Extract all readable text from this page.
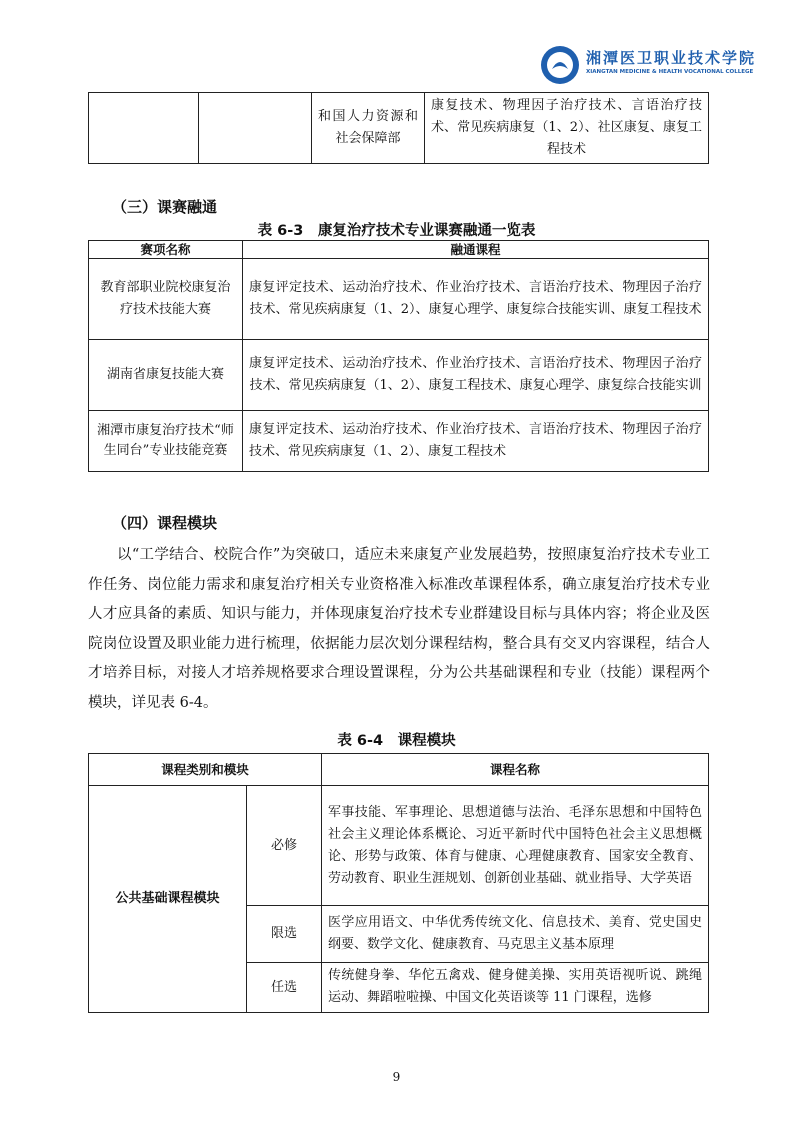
湘潭医卫职业技术学院
XIANGTAN MEDICINE & HEALTH VOCATIONAL COLLEGE
		和国人力资源和社会保障部	康复技术、物理因子治疗技术、言语治疗技术、常见疾病康复（1、2）、社区康复、康复工程技术
（三）课赛融通
表 6-3　康复治疗技术专业课赛融通一览表
赛项名称	融通课程
教育部职业院校康复治疗技术技能大赛	康复评定技术、运动治疗技术、作业治疗技术、言语治疗技术、物理因子治疗技术、常见疾病康复（1、2）、康复心理学、康复综合技能实训、康复工程技术
湖南省康复技能大赛	康复评定技术、运动治疗技术、作业治疗技术、言语治疗技术、物理因子治疗技术、常见疾病康复（1、2）、康复工程技术、康复心理学、康复综合技能实训
湘潭市康复治疗技术“师生同台”专业技能竞赛	康复评定技术、运动治疗技术、作业治疗技术、言语治疗技术、物理因子治疗技术、常见疾病康复（1、2）、康复工程技术
（四）课程模块
以“工学结合、校院合作”为突破口，适应未来康复产业发展趋势，按照康复治疗技术专业工作任务、岗位能力需求和康复治疗相关专业资格准入标准改革课程体系，确立康复治疗技术专业人才应具备的素质、知识与能力，并体现康复治疗技术专业群建设目标与具体内容；将企业及医院岗位设置及职业能力进行梳理，依据能力层次划分课程结构，整合具有交叉内容课程，结合人才培养目标，对接人才培养规格要求合理设置课程，分为公共基础课程和专业（技能）课程两个模块，详见表 6-4。
表 6-4　课程模块
课程类别和模块		课程名称
公共基础课程模块	必修	军事技能、军事理论、思想道德与法治、毛泽东思想和中国特色社会主义理论体系概论、习近平新时代中国特色社会主义思想概论、形势与政策、体育与健康、心理健康教育、国家安全教育、劳动教育、职业生涯规划、创新创业基础、就业指导、大学英语
	限选	医学应用语文、中华优秀传统文化、信息技术、美育、党史国史纲要、数学文化、健康教育、马克思主义基本原理
	任选	传统健身拳、华佗五禽戏、健身健美操、实用英语视听说、跳绳运动、舞蹈啦啦操、中国文化英语谈等 11 门课程，选修
9
